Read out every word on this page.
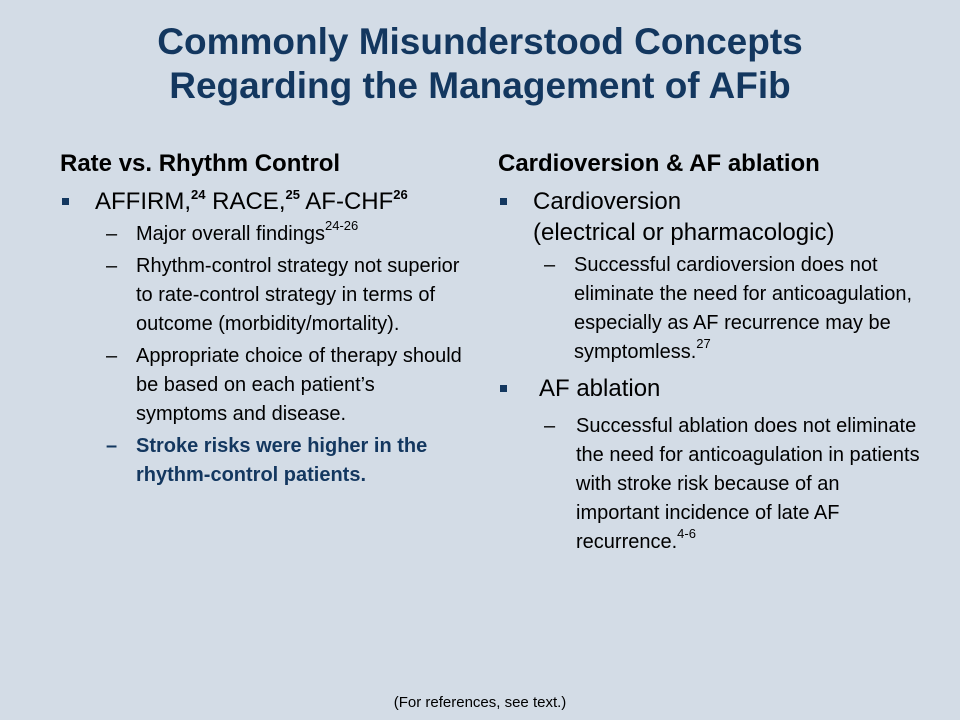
Commonly Misunderstood Concepts
Regarding the Management of AFib
Rate vs. Rhythm Control
AFFIRM,$^{24}$ RACE,$^{25}$ AF-CHF$^{26}$
– Major overall findings$^{24-26}$
– Rhythm-control strategy not superior to rate-control strategy in terms of outcome (morbidity/mortality).
– Appropriate choice of therapy should be based on each patient’s symptoms and disease.
– Stroke risks were higher in the rhythm-control patients.
Cardioversion & AF ablation
Cardioversion
(electrical or pharmacologic)
– Successful cardioversion does not eliminate the need for anticoagulation, especially as AF recurrence may be symptomless.$^{27}$
AF ablation
– Successful ablation does not eliminate the need for anticoagulation in patients with stroke risk because of an important incidence of late AF recurrence.$^{4-6}$
(For references, see text.)
